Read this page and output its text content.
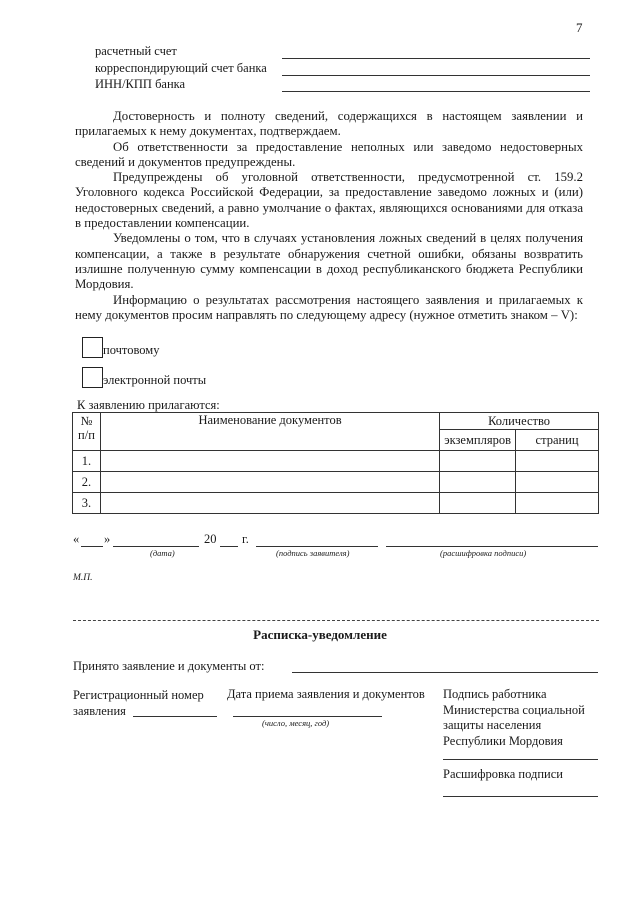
7
расчетный счет
корреспондирующий счет банка
ИНН/КПП банка

Достоверность и полноту сведений, содержащихся в настоящем заявлении и прилагаемых к нему документах, подтверждаем.

Об ответственности за предоставление неполных или заведомо недостоверных сведений и документов предупреждены.

Предупреждены об уголовной ответственности, предусмотренной ст. 159.2 Уголовного кодекса Российской Федерации, за предоставление заведомо ложных и (или) недостоверных сведений, а равно умолчание о фактах, являющихся основаниями для отказа в предоставлении компенсации.

Уведомлены о том, что в случаях установления ложных сведений в целях получения компенсации, а также в результате обнаружения счетной ошибки, обязаны возвратить излишне полученную сумму компенсации в доход республиканского бюджета Республики Мордовия.

Информацию о результатах рассмотрения настоящего заявления и прилагаемых к нему документов просим направлять по следующему адресу (нужное отметить знаком – V):

почтовому
электронной почты
К заявлению прилагаются:
№ п/п	Наименование документов	Количество	
		экземпляров	страниц
1.			
2.			
3.			
« »	20 г.
(дата)	(подпись заявителя)	(расшифровка подписи)
М.П.
Расписка-уведомление
Принято заявление и документы от:
Регистрационный номер
заявления
Дата приема заявления и документов
(число, месяц, год)
Подпись работника
Министерства социальной
защиты населения
Республики Мордовия
Расшифровка подписи
